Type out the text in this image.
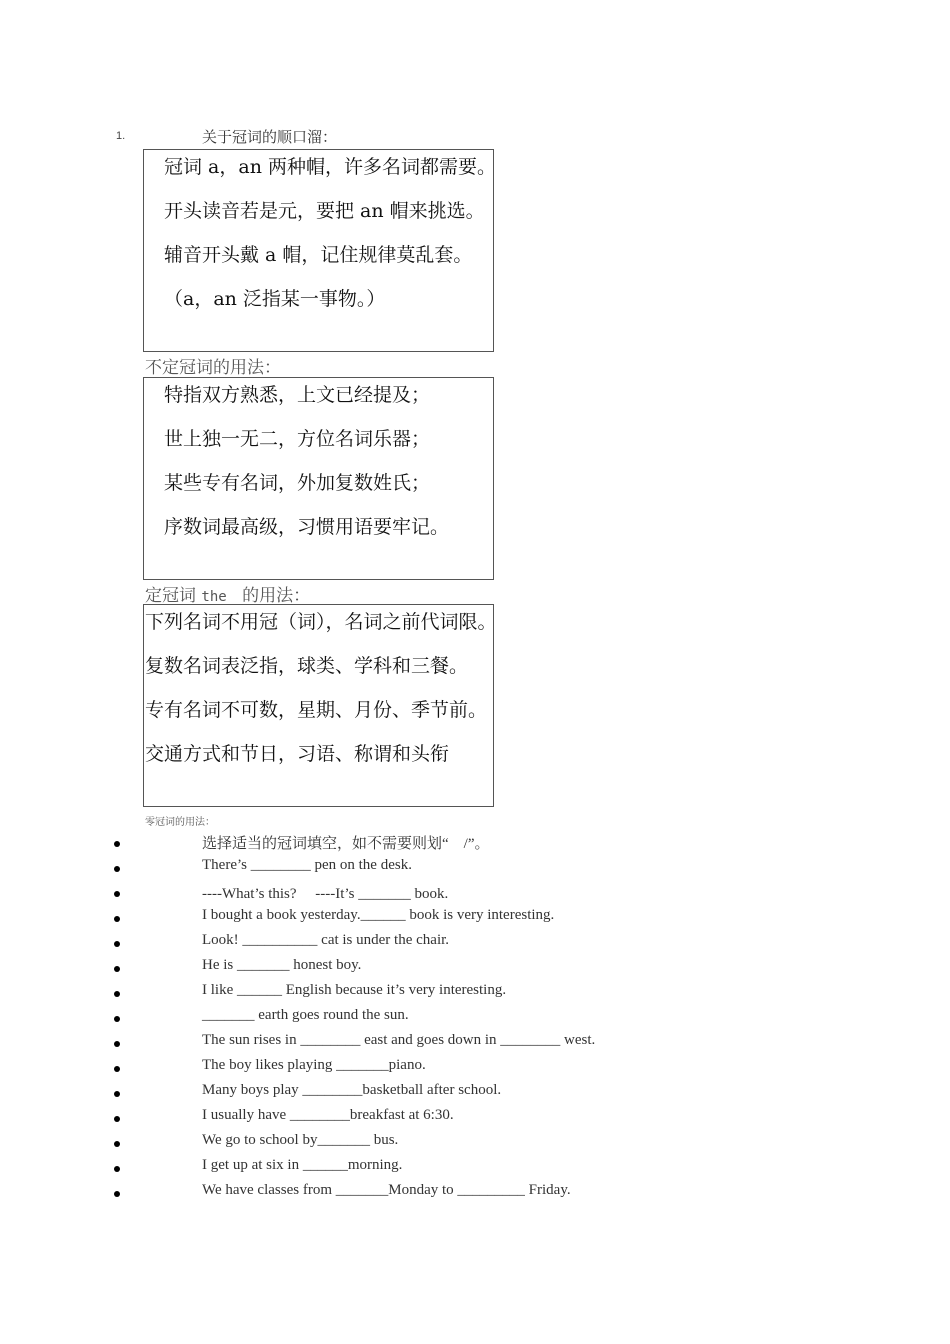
1.	关于冠词的顺口溜：
冠词 a，an 两种帽，许多名词都需要。
开头读音若是元，要把 an 帽来挑选。
辅音开头戴 a 帽，记住规律莫乱套。
（a，an 泛指某一事物。）
不定冠词的用法：
特指双方熟悉，上文已经提及；
世上独一无二，方位名词乐器；
某些专有名词，外加复数姓氏；
序数词最高级，习惯用语要牢记。
定冠词 the 的用法：
下列名词不用冠（词），名词之前代词限。
复数名词表泛指，球类、学科和三餐。
专有名词不可数，星期、月份、季节前。
交通方式和节日，习语、称谓和头衔
零冠词的用法：
选择适当的冠词填空，如不需要则划“　/”。
There’s ________ pen on the desk.
----What’s this?　 ----It’s _______ book.
I bought a book yesterday.______ book is very interesting.
Look! __________ cat is under the chair.
He is _______ honest boy.
I like ______ English because it’s very interesting.
_______ earth goes round the sun.
The sun rises in ________ east and goes down in ________ west.
The boy likes playing _______piano.
Many boys play ________basketball after school.
I usually have ________breakfast at 6:30.
We go to school by_______ bus.
I get up at six in ______morning.
We have classes from _______Monday to _________ Friday.
